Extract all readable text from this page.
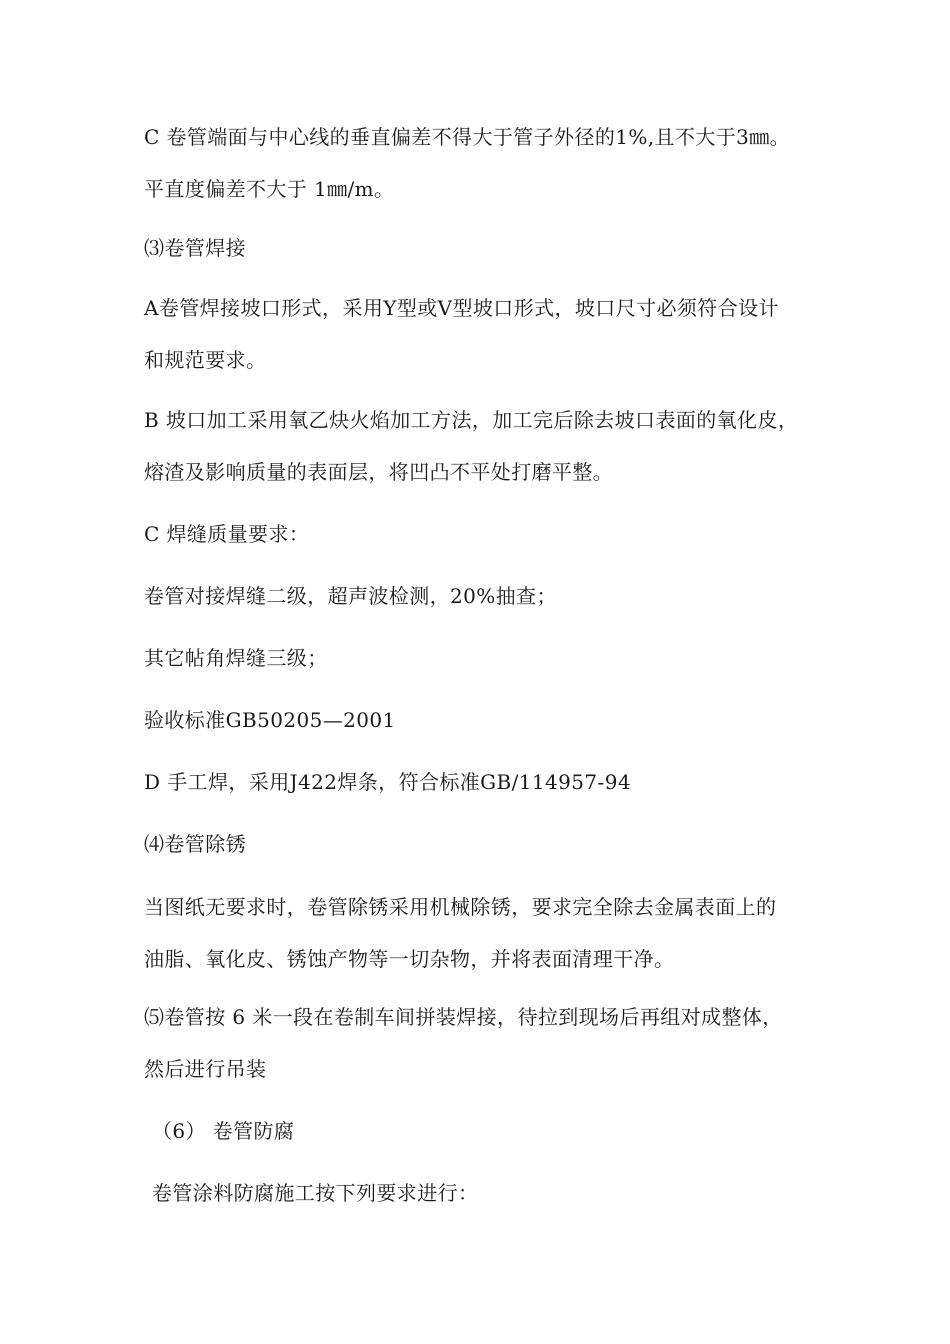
C 卷管端面与中心线的垂直偏差不得大于管子外径的1%,且不大于3㎜。
平直度偏差不大于 1㎜/m。
⑶卷管焊接
A卷管焊接坡口形式，采用Y型或V型坡口形式，坡口尺寸必须符合设计
和规范要求。
B 坡口加工采用氧乙炔火焰加工方法，加工完后除去坡口表面的氧化皮，
熔渣及影响质量的表面层，将凹凸不平处打磨平整。
C 焊缝质量要求：
卷管对接焊缝二级，超声波检测，20%抽查；
其它帖角焊缝三级；
验收标准GB50205—2001
D 手工焊，采用J422焊条，符合标准GB/114957-94
⑷卷管除锈
当图纸无要求时，卷管除锈采用机械除锈，要求完全除去金属表面上的
油脂、氧化皮、锈蚀产物等一切杂物，并将表面清理干净。
⑸卷管按 6 米一段在卷制车间拼装焊接，待拉到现场后再组对成整体，
然后进行吊装
（6） 卷管防腐
卷管涂料防腐施工按下列要求进行：
